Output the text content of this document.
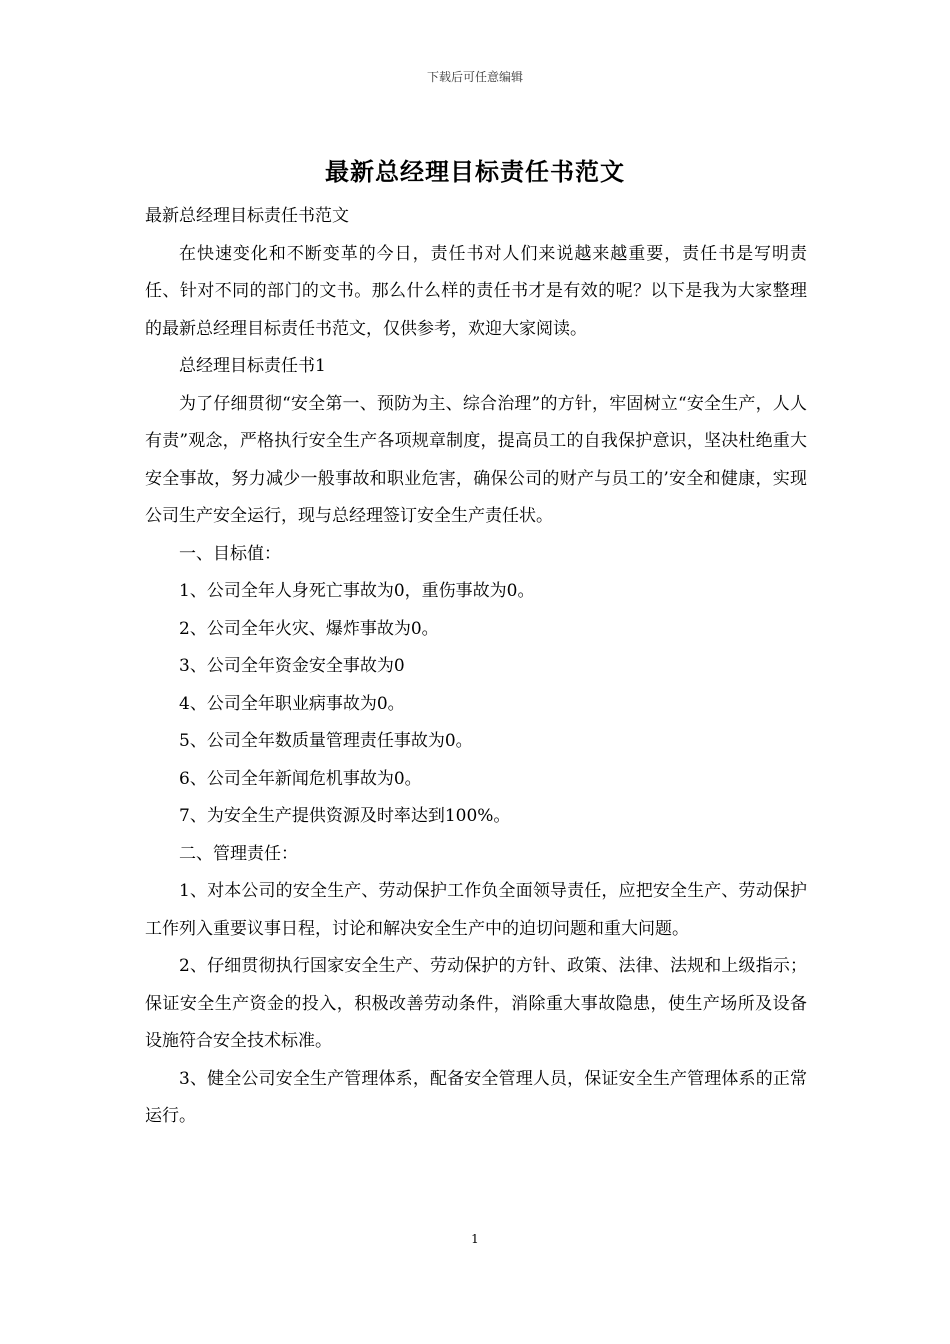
下载后可任意编辑
最新总经理目标责任书范文

最新总经理目标责任书范文

在快速变化和不断变革的今日，责任书对人们来说越来越重要，责任书是写明责任、针对不同的部门的文书。那么什么样的责任书才是有效的呢？以下是我为大家整理的最新总经理目标责任书范文，仅供参考，欢迎大家阅读。

总经理目标责任书1

为了仔细贯彻“安全第一、预防为主、综合治理”的方针，牢固树立“安全生产，人人有责”观念，严格执行安全生产各项规章制度，提高员工的自我保护意识，坚决杜绝重大安全事故，努力减少一般事故和职业危害，确保公司的财产与员工的’安全和健康，实现公司生产安全运行，现与总经理签订安全生产责任状。

一、目标值：

1、公司全年人身死亡事故为0，重伤事故为0。

2、公司全年火灾、爆炸事故为0。

3、公司全年资金安全事故为0

4、公司全年职业病事故为0。

5、公司全年数质量管理责任事故为0。

6、公司全年新闻危机事故为0。

7、为安全生产提供资源及时率达到100%。

二、管理责任：

1、对本公司的安全生产、劳动保护工作负全面领导责任，应把安全生产、劳动保护工作列入重要议事日程，讨论和解决安全生产中的迫切问题和重大问题。

2、仔细贯彻执行国家安全生产、劳动保护的方针、政策、法律、法规和上级指示；保证安全生产资金的投入，积极改善劳动条件，消除重大事故隐患，使生产场所及设备设施符合安全技术标准。

3、健全公司安全生产管理体系，配备安全管理人员，保证安全生产管理体系的正常运行。

1
